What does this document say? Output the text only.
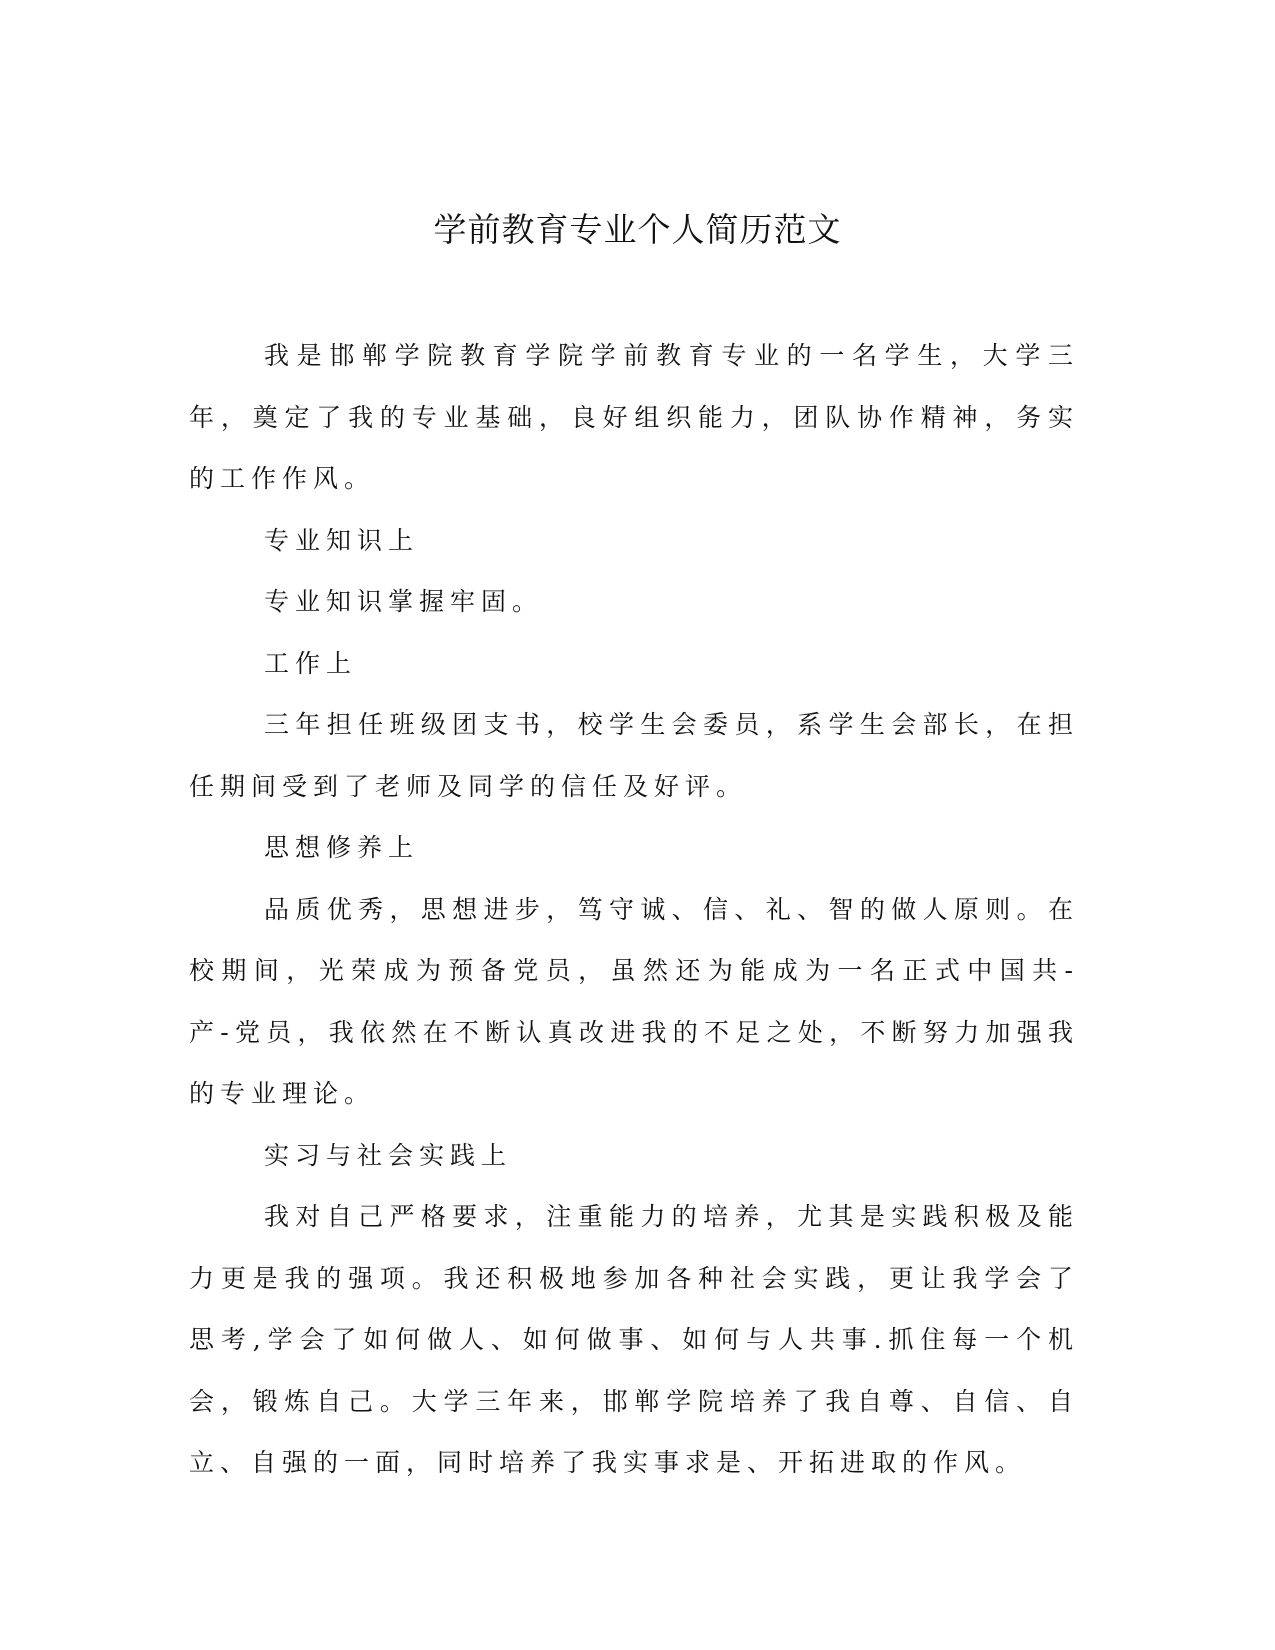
学前教育专业个人简历范文

我是邯郸学院教育学院学前教育专业的一名学生，大学三年，奠定了我的专业基础，良好组织能力，团队协作精神，务实的工作作风。

专业知识上

专业知识掌握牢固。

工作上

三年担任班级团支书，校学生会委员，系学生会部长，在担任期间受到了老师及同学的信任及好评。

思想修养上

品质优秀，思想进步，笃守诚、信、礼、智的做人原则。在校期间，光荣成为预备党员，虽然还为能成为一名正式中国共-产-党员，我依然在不断认真改进我的不足之处，不断努力加强我的专业理论。

实习与社会实践上

我对自己严格要求，注重能力的培养，尤其是实践积极及能力更是我的强项。我还积极地参加各种社会实践，更让我学会了思考,学会了如何做人、如何做事、如何与人共事.抓住每一个机会，锻炼自己。大学三年来，邯郸学院培养了我自尊、自信、自立、自强的一面，同时培养了我实事求是、开拓进取的作风。
